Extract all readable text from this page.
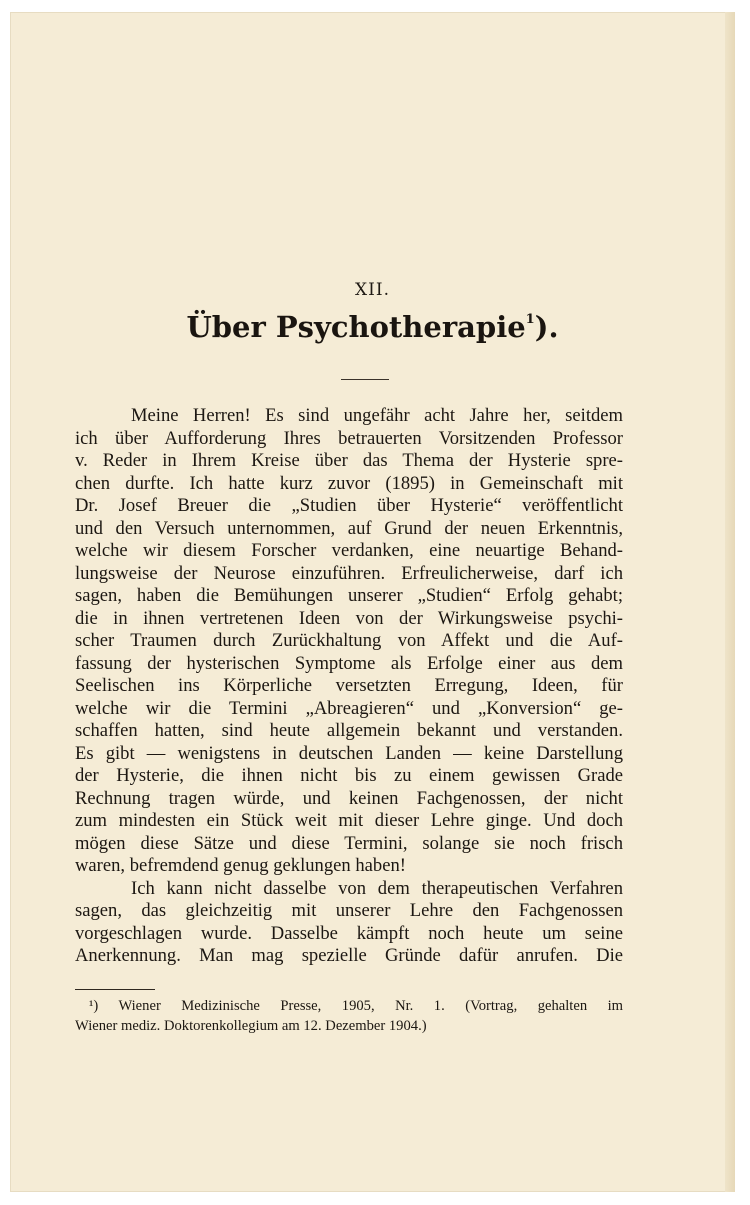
XII.
Über Psychotherapie$^1$).
Meine Herren! Es sind ungefähr acht Jahre her, seitdem
ich über Aufforderung Ihres betrauerten Vorsitzenden Professor
v. Reder in Ihrem Kreise über das Thema der Hysterie spre-
chen durfte. Ich hatte kurz zuvor (1895) in Gemeinschaft mit
Dr. Josef Breuer die „Studien über Hysterie“ veröffentlicht
und den Versuch unternommen, auf Grund der neuen Erkenntnis,
welche wir diesem Forscher verdanken, eine neuartige Behand-
lungsweise der Neurose einzuführen. Erfreulicherweise, darf ich
sagen, haben die Bemühungen unserer „Studien“ Erfolg gehabt;
die in ihnen vertretenen Ideen von der Wirkungsweise psychi-
scher Traumen durch Zurückhaltung von Affekt und die Auf-
fassung der hysterischen Symptome als Erfolge einer aus dem
Seelischen ins Körperliche versetzten Erregung, Ideen, für
welche wir die Termini „Abreagieren“ und „Konversion“ ge-
schaffen hatten, sind heute allgemein bekannt und verstanden.
Es gibt — wenigstens in deutschen Landen — keine Darstellung
der Hysterie, die ihnen nicht bis zu einem gewissen Grade
Rechnung tragen würde, und keinen Fachgenossen, der nicht
zum mindesten ein Stück weit mit dieser Lehre ginge. Und doch
mögen diese Sätze und diese Termini, solange sie noch frisch
waren, befremdend genug geklungen haben!
Ich kann nicht dasselbe von dem therapeutischen Verfahren
sagen, das gleichzeitig mit unserer Lehre den Fachgenossen
vorgeschlagen wurde. Dasselbe kämpft noch heute um seine
Anerkennung. Man mag spezielle Gründe dafür anrufen. Die
¹) Wiener Medizinische Presse, 1905, Nr. 1. (Vortrag, gehalten im
Wiener mediz. Doktorenkollegium am 12. Dezember 1904.)
